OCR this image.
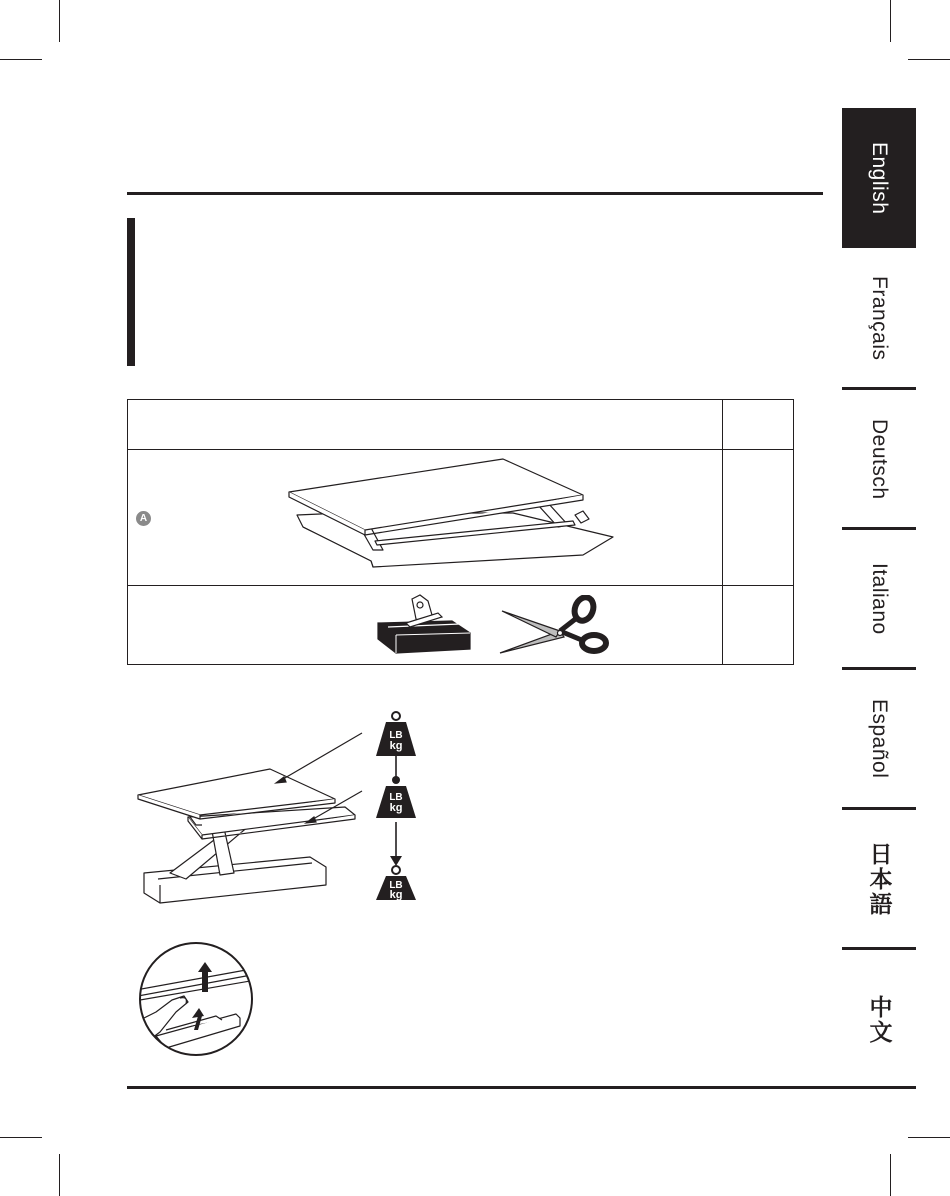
English
Français
Deutsch
Italiano
Español
日本語
中文
A
LB
kg
LB
kg
LB
kg
